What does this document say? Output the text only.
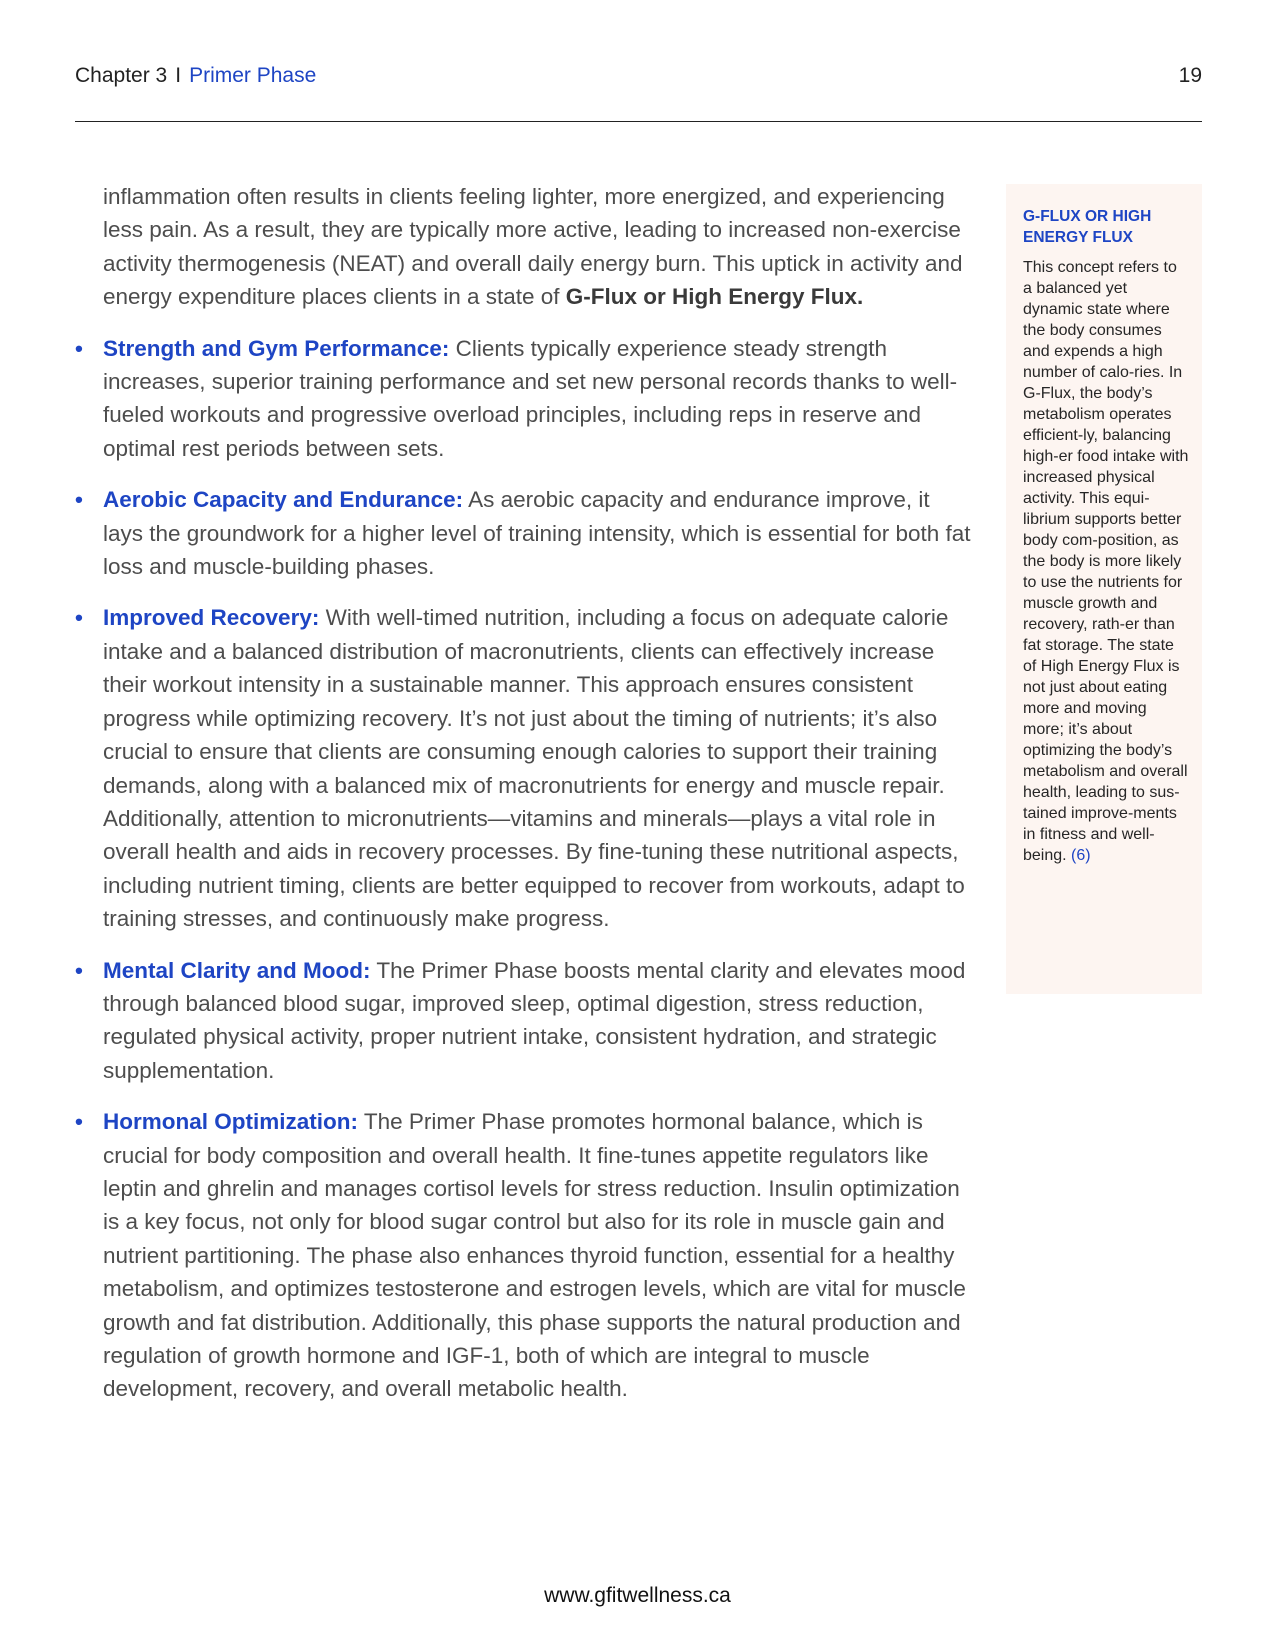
Chapter 3 I Primer Phase	19

inflammation often results in clients feeling lighter, more energized, and experiencing less pain. As a result, they are typically more active, leading to increased non-exercise activity thermogenesis (NEAT) and overall daily energy burn. This uptick in activity and energy expenditure places clients in a state of G-Flux or High Energy Flux.

• Strength and Gym Performance: Clients typically experience steady strength increases, superior training performance and set new personal records thanks to well-fueled workouts and progressive overload principles, including reps in reserve and optimal rest periods between sets.
• Aerobic Capacity and Endurance: As aerobic capacity and endurance improve, it lays the groundwork for a higher level of training intensity, which is essential for both fat loss and muscle-building phases.
• Improved Recovery: With well-timed nutrition, including a focus on adequate calorie intake and a balanced distribution of macronutrients, clients can effectively increase their workout intensity in a sustainable manner. This approach ensures consistent progress while optimizing recovery. It’s not just about the timing of nutrients; it’s also crucial to ensure that clients are consuming enough calories to support their training demands, along with a balanced mix of macronutrients for energy and muscle repair. Additionally, attention to micronutrients—vitamins and minerals—plays a vital role in overall health and aids in recovery processes. By fine-tuning these nutritional aspects, including nutrient timing, clients are better equipped to recover from workouts, adapt to training stresses, and continuously make progress.
• Mental Clarity and Mood: The Primer Phase boosts mental clarity and elevates mood through balanced blood sugar, improved sleep, optimal digestion, stress reduction, regulated physical activity, proper nutrient intake, consistent hydration, and strategic supplementation.
• Hormonal Optimization: The Primer Phase promotes hormonal balance, which is crucial for body composition and overall health. It fine-tunes appetite regulators like leptin and ghrelin and manages cortisol levels for stress reduction. Insulin optimization is a key focus, not only for blood sugar control but also for its role in muscle gain and nutrient partitioning. The phase also enhances thyroid function, essential for a healthy metabolism, and optimizes testosterone and estrogen levels, which are vital for muscle growth and fat distribution. Additionally, this phase supports the natural production and regulation of growth hormone and IGF-1, both of which are integral to muscle development, recovery, and overall metabolic health.
G-FLUX OR HIGH ENERGY FLUX
This concept refers to a balanced yet dynamic state where the body consumes and expends a high number of calo-ries. In G-Flux, the body’s metabolism operates efficient-ly, balancing high-er food intake with increased physical activity. This equi-librium supports better body com-position, as the body is more likely to use the nutrients for muscle growth and recovery, rath-er than fat storage. The state of High Energy Flux is not just about eating more and moving more; it’s about optimizing the body’s metabolism and overall health, leading to sus-tained improve-ments in fitness and well-being. (6)
www.gfitwellness.ca
